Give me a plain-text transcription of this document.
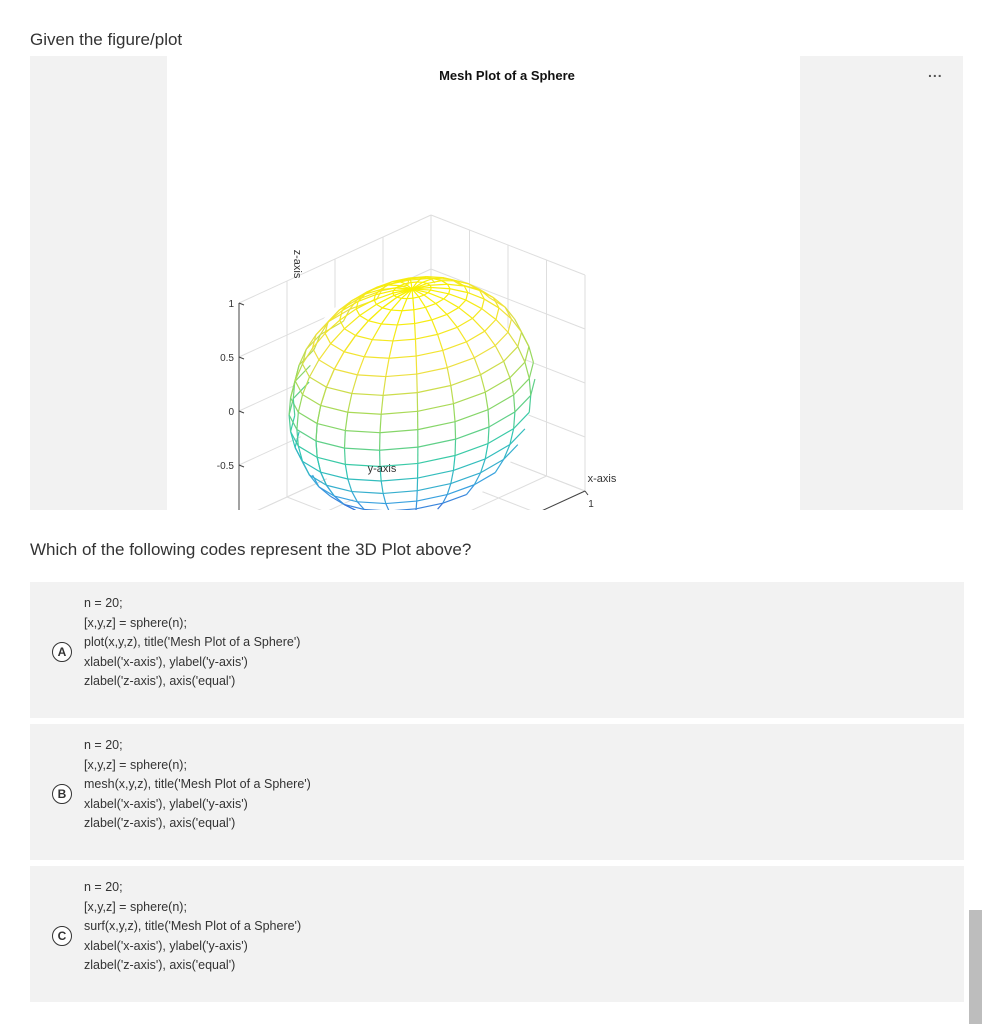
Given the figure/plot
1
0.5
0
-0.5
1
Mesh Plot of a Sphere
x-axis
y-axis
z-axis
...
Which of the following codes represent the 3D Plot above?
A
n = 20;
[x,y,z] = sphere(n);
plot(x,y,z), title('Mesh Plot of a Sphere')
xlabel('x-axis'), ylabel('y-axis')
zlabel('z-axis'), axis('equal')
B
n = 20;
[x,y,z] = sphere(n);
mesh(x,y,z), title('Mesh Plot of a Sphere')
xlabel('x-axis'), ylabel('y-axis')
zlabel('z-axis'), axis('equal')
C
n = 20;
[x,y,z] = sphere(n);
surf(x,y,z), title('Mesh Plot of a Sphere')
xlabel('x-axis'), ylabel('y-axis')
zlabel('z-axis'), axis('equal')
